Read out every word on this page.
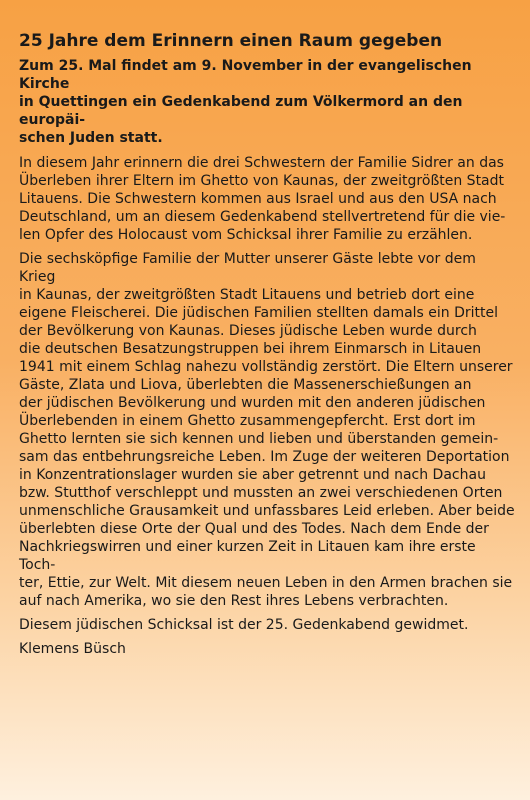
25 Jahre dem Erinnern einen Raum gegeben
Zum 25. Mal findet am 9. November in der evangelischen Kirche
in Quettingen ein Gedenkabend zum Völkermord an den europäi-
schen Juden statt.
In diesem Jahr erinnern die drei Schwestern der Familie Sidrer an das
Überleben ihrer Eltern im Ghetto von Kaunas, der zweitgrößten Stadt
Litauens. Die Schwestern kommen aus Israel und aus den USA nach
Deutschland, um an diesem Gedenkabend stellvertretend für die vie-
len Opfer des Holocaust vom Schicksal ihrer Familie zu erzählen.
Die sechsköpfige Familie der Mutter unserer Gäste lebte vor dem Krieg
in Kaunas, der zweitgrößten Stadt Litauens und betrieb dort eine
eigene Fleischerei. Die jüdischen Familien stellten damals ein Drittel
der Bevölkerung von Kaunas. Dieses jüdische Leben wurde durch
die deutschen Besatzungstruppen bei ihrem Einmarsch in Litauen
1941 mit einem Schlag nahezu vollständig zerstört. Die Eltern unserer
Gäste, Zlata und Liova, überlebten die Massenerschießungen an
der jüdischen Bevölkerung und wurden mit den anderen jüdischen
Überlebenden in einem Ghetto zusammengepfercht. Erst dort im
Ghetto lernten sie sich kennen und lieben und überstanden gemein-
sam das entbehrungsreiche Leben. Im Zuge der weiteren Deportation
in Konzentrationslager wurden sie aber getrennt und nach Dachau
bzw. Stutthof verschleppt und mussten an zwei verschiedenen Orten
unmenschliche Grausamkeit und unfassbares Leid erleben. Aber beide
überlebten diese Orte der Qual und des Todes. Nach dem Ende der
Nachkriegswirren und einer kurzen Zeit in Litauen kam ihre erste Toch-
ter, Ettie, zur Welt. Mit diesem neuen Leben in den Armen brachen sie
auf nach Amerika, wo sie den Rest ihres Lebens verbrachten.
Diesem jüdischen Schicksal ist der 25. Gedenkabend gewidmet.
Klemens Büsch
